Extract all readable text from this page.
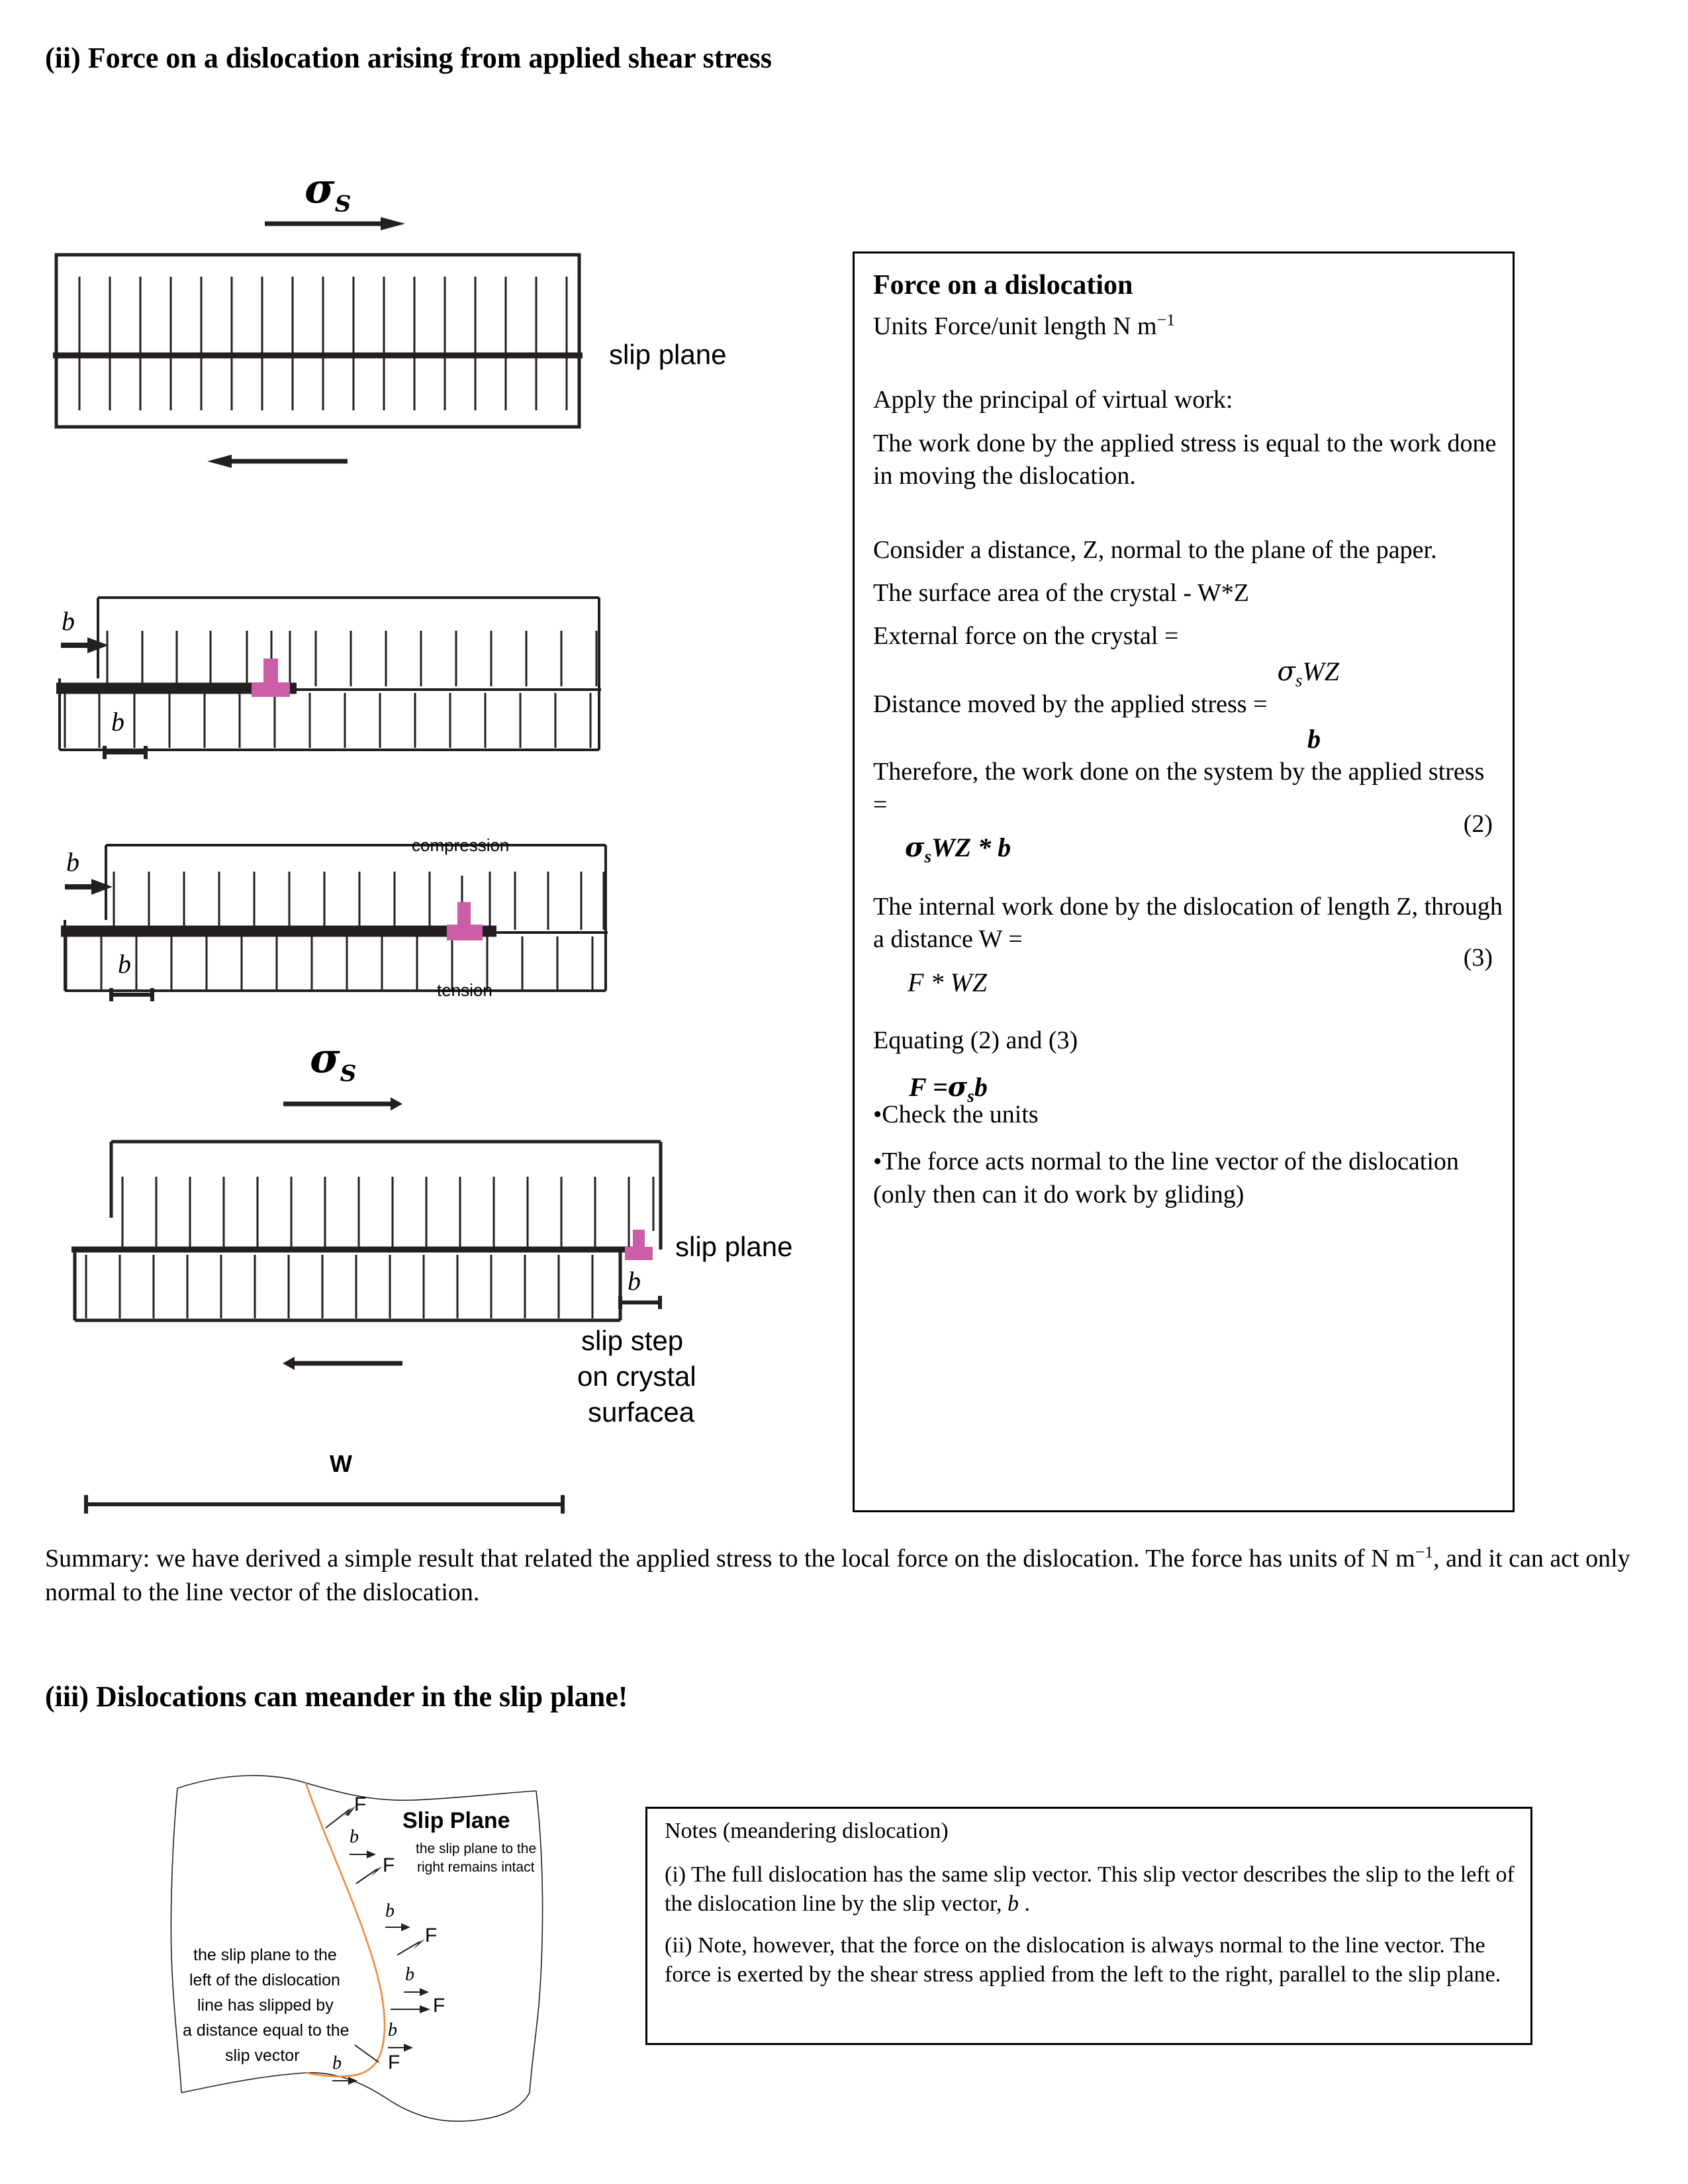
(ii) Force on a dislocation arising from applied shear stress
$\sigma_S$
slip plane
b
b
b
b
compression
tension
$\sigma_S$
slip plane
b
slip step
on crystal
surfacea
W
Force on a dislocation
Units Force/unit length N $m^{-1}$
Apply the principal of virtual work:
The work done by the applied stress is equal to the work done in moving the dislocation.
Consider a distance, Z, normal to the plane of the paper.
The surface area of the crystal - W*Z
External force on the crystal =
$\sigma_sWZ$
Distance moved by the applied stress =
b
Therefore, the work done on the system by the applied stress =
(2)
$\sigma_sWZ$ * b
The internal work done by the dislocation of length Z, through a distance W =
(3)
F * WZ
Equating (2) and (3)
$F =\sigma_sb$
•Check the units
•The force acts normal to the line vector of the dislocation (only then can it do work by gliding)
Summary: we have derived a simple result that related the applied stress to the local force on the dislocation. The force has units of N $m^{-1}$, and it can act only normal to the line vector of the dislocation.
(iii) Dislocations can meander in the slip plane!
F
F
F
F
F
b
b
b
b
b
Slip Plane
the slip plane to the
right remains intact
the slip plane to the
left of the dislocation
line has slipped by
a distance equal to the
slip vector
Notes (meandering dislocation)
(i) The full dislocation has the same slip vector. This slip vector describes the slip to the left of the dislocation line by the slip vector, b .
(ii) Note, however, that the force on the dislocation is always normal to the line vector. The force is exerted by the shear stress applied from the left to the right, parallel to the slip plane.
